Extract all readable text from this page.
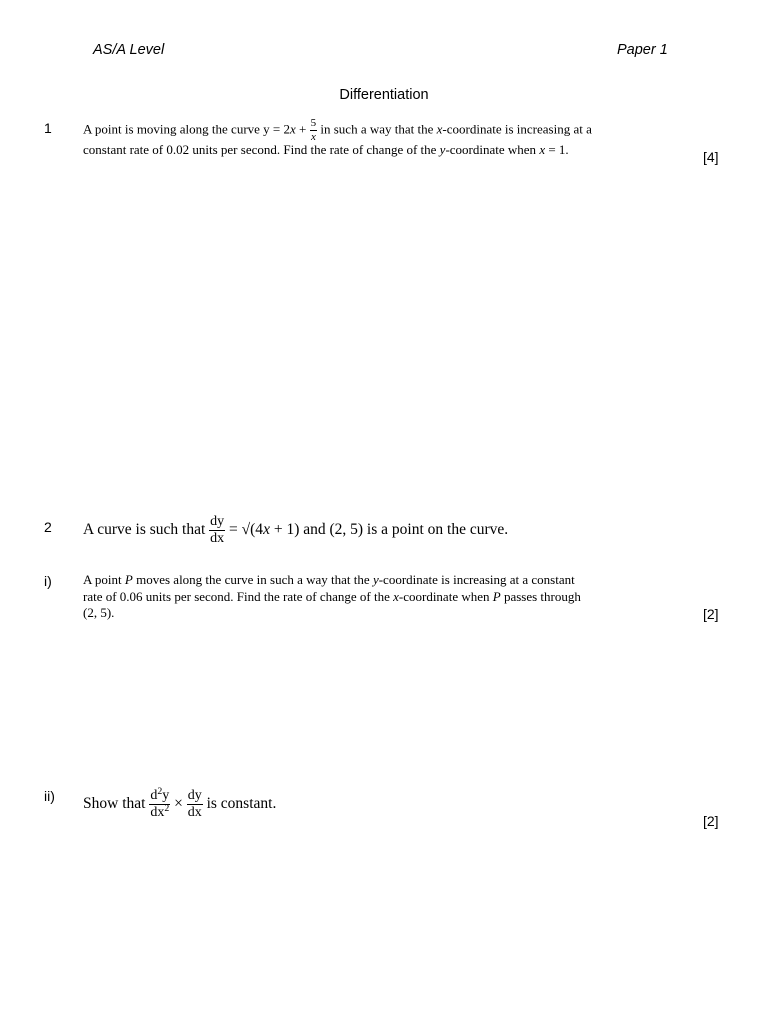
AS/A Level	Paper 1
Differentiation
1 A point is moving along the curve $y = 2x + \frac{5}{x}$ in such a way that the x-coordinate is increasing at a
constant rate of 0.02 units per second. Find the rate of change of the y-coordinate when x = 1.	[4]
2 A curve is such that $\frac{dy}{dx} = √(4x + 1)$ and (2, 5) is a point on the curve.
i) A point P moves along the curve in such a way that the y-coordinate is increasing at a constant
rate of 0.06 units per second. Find the rate of change of the x-coordinate when P passes through
(2, 5).	[2]
ii) Show that $\frac{d^2y}{dx^2} \times \frac{dy}{dx}$ is constant.
[2]
